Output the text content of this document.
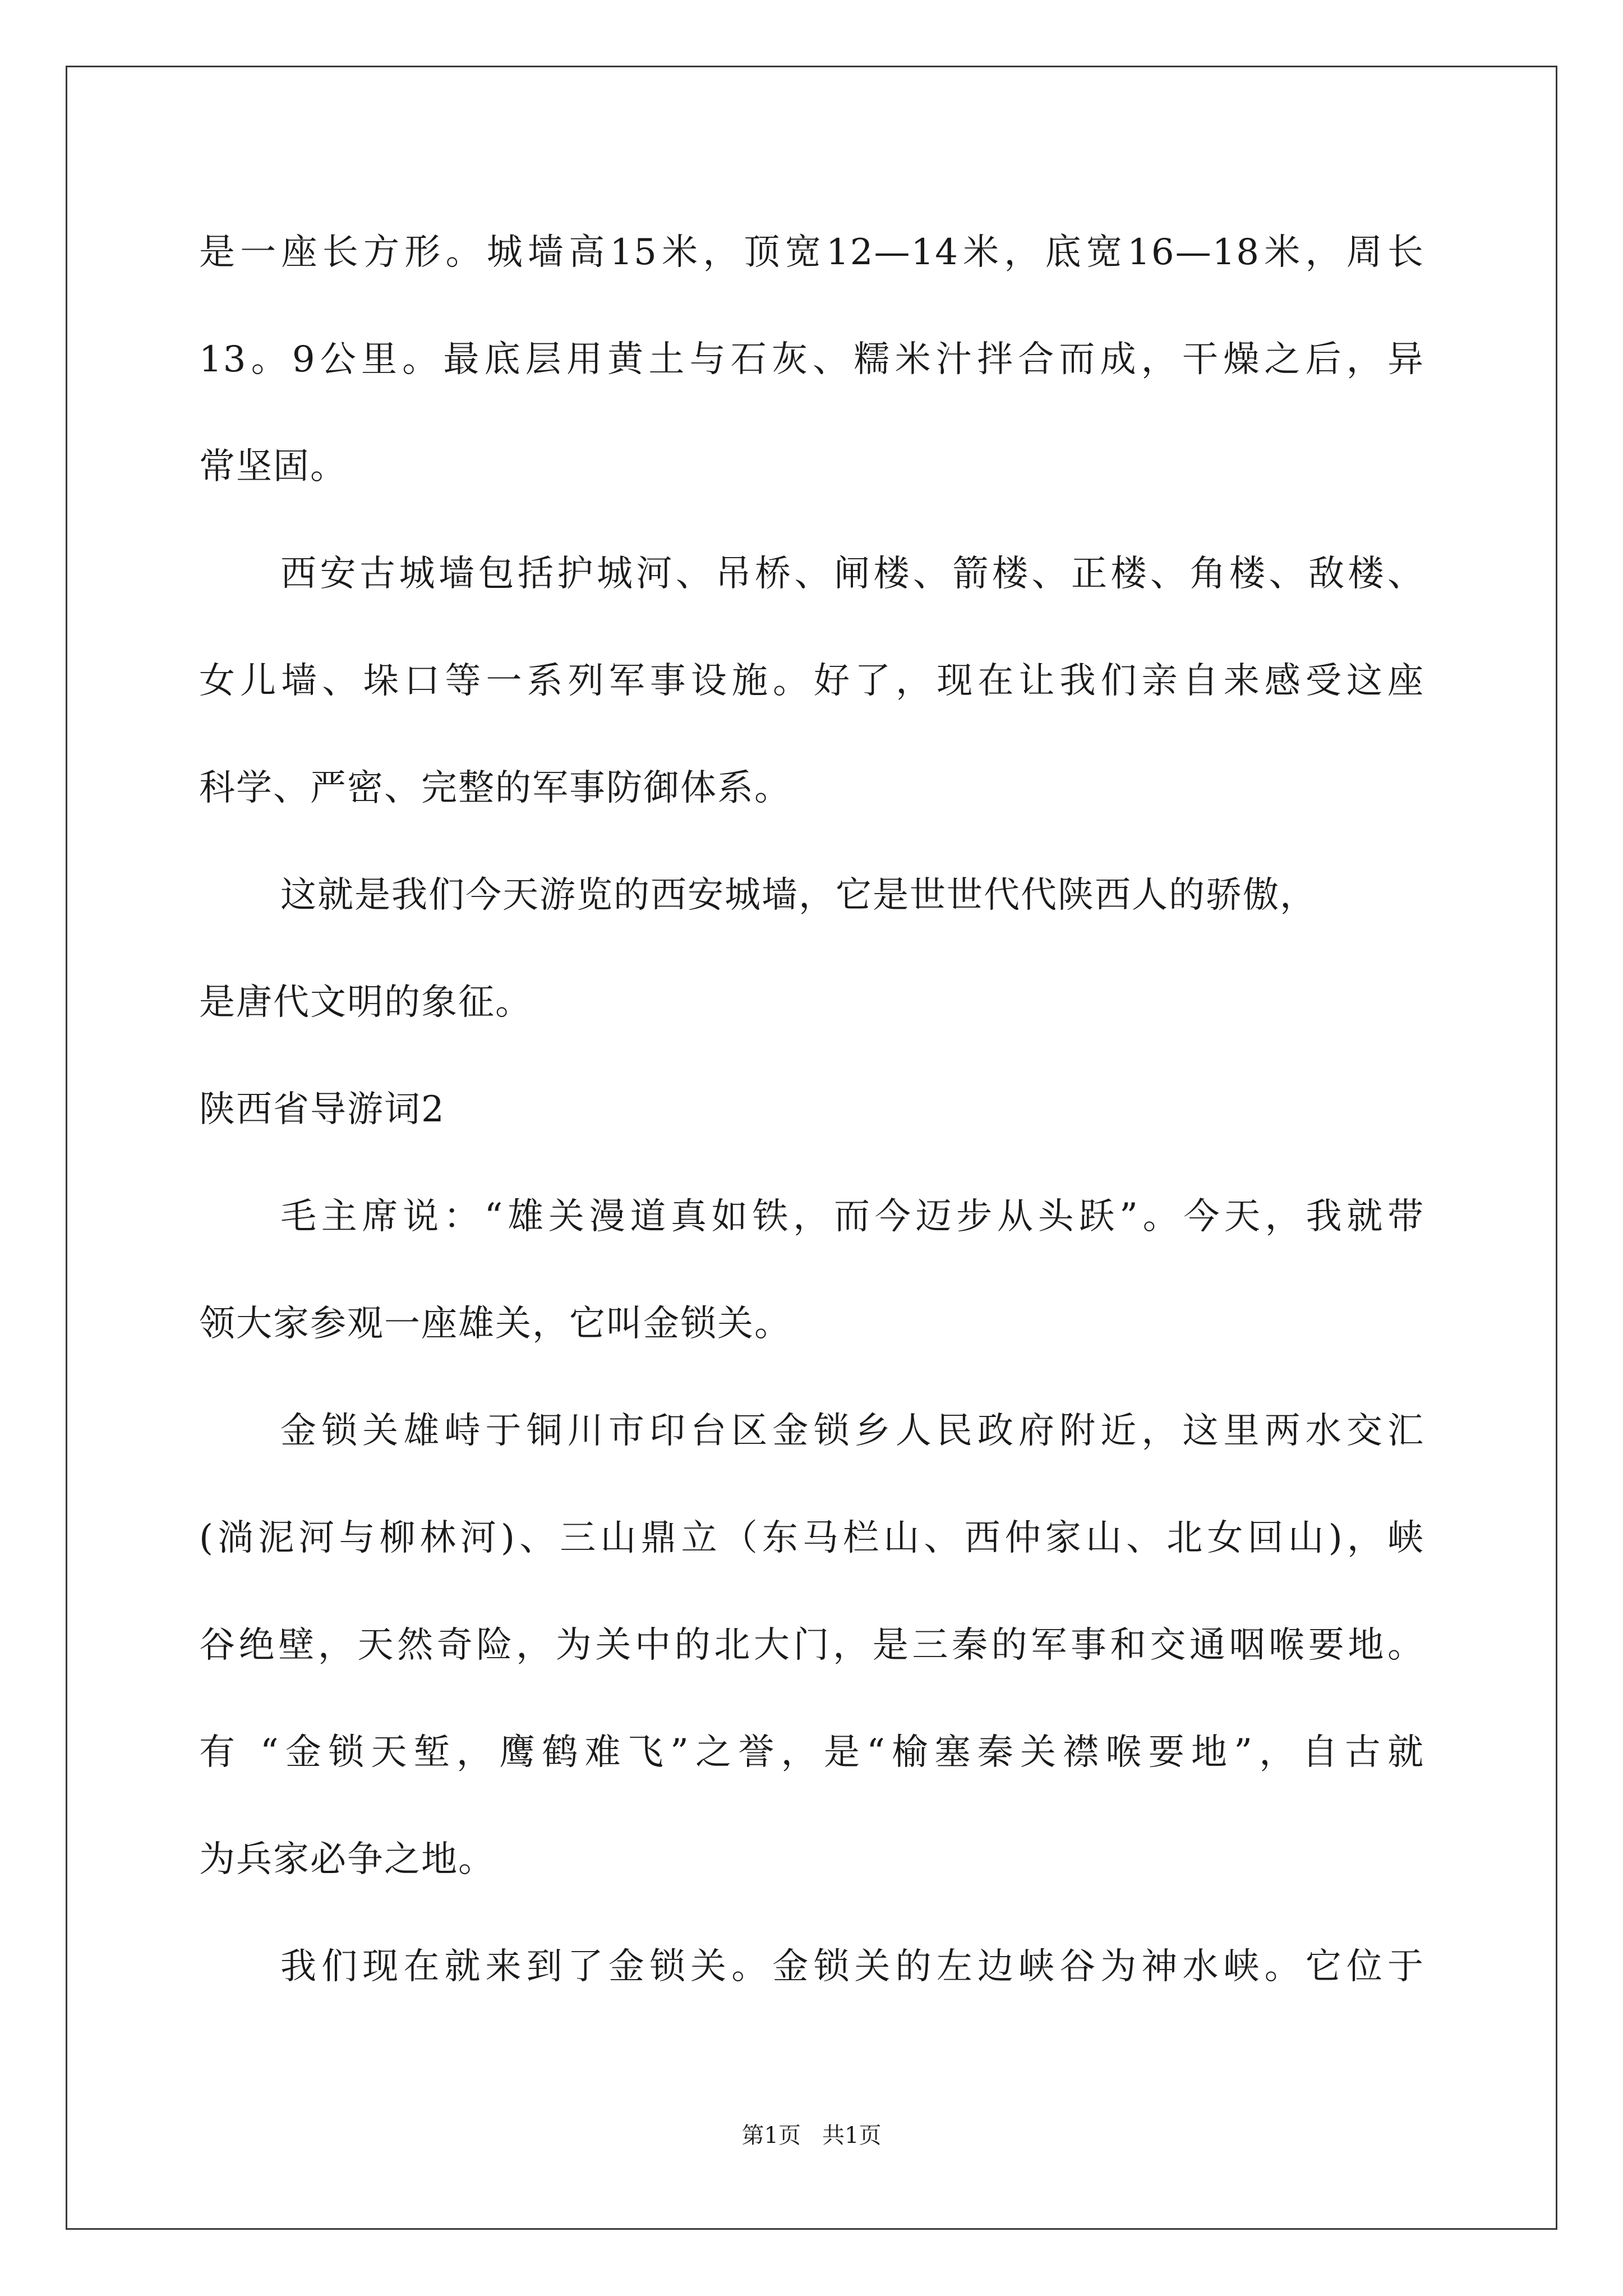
是一座长方形。城墙高15米，顶宽12—14米，底宽16—18米，周长
13。9公里。最底层用黄土与石灰、糯米汁拌合而成，干燥之后，异
常坚固。
西安古城墙包括护城河、吊桥、闸楼、箭楼、正楼、角楼、敌楼、
女儿墙、垛口等一系列军事设施。好了，现在让我们亲自来感受这座
科学、严密、完整的军事防御体系。
这就是我们今天游览的西安城墙，它是世世代代陕西人的骄傲，
是唐代文明的象征。
陕西省导游词2
毛主席说：“雄关漫道真如铁，而今迈步从头跃”。今天，我就带
领大家参观一座雄关，它叫金锁关。
金锁关雄峙于铜川市印台区金锁乡人民政府附近，这里两水交汇
(淌泥河与柳林河)、三山鼎立（东马栏山、西仲家山、北女回山)，峡
谷绝壁，天然奇险，为关中的北大门，是三秦的军事和交通咽喉要地。
有 “金锁天堑，鹰鹤难飞”之誉，是“榆塞秦关襟喉要地”，自古就
为兵家必争之地。
我们现在就来到了金锁关。金锁关的左边峡谷为神水峡。它位于
第1页 共1页
